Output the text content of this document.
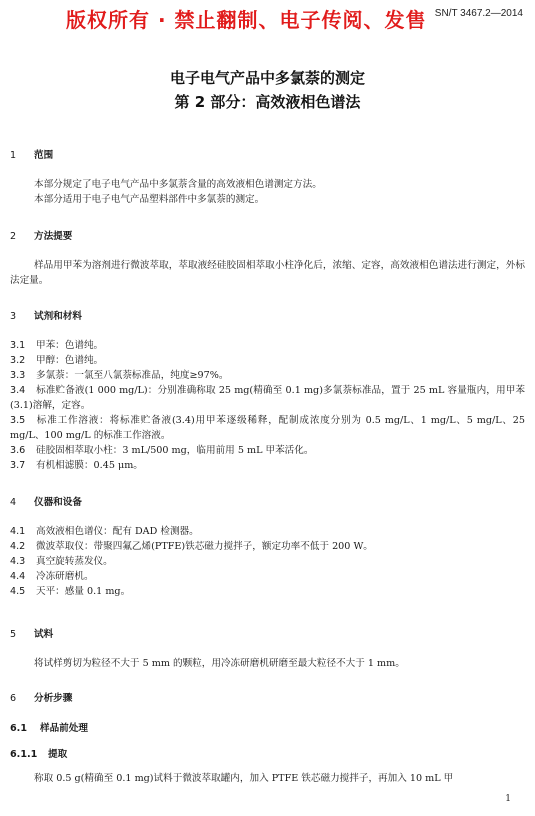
版权所有 · 禁止翻制、电子传阅、发售 SN/T 3467.2—2014
电子电气产品中多氯萘的测定
第 2 部分：高效液相色谱法
1 范围
本部分规定了电子电气产品中多氯萘含量的高效液相色谱测定方法。
本部分适用于电子电气产品塑料部件中多氯萘的测定。
2 方法提要
样品用甲苯为溶剂进行微波萃取，萃取液经硅胶固相萃取小柱净化后，浓缩、定容，高效液相色谱法进行测定，外标法定量。
3 试剂和材料
3.1 甲苯：色谱纯。
3.2 甲醇：色谱纯。
3.3 多氯萘：一氯至八氯萘标准品，纯度≥97%。
3.4 标准贮备液(1 000 mg/L)：分别准确称取 25 mg(精确至 0.1 mg)多氯萘标准品，置于 25 mL 容量瓶内，用甲苯(3.1)溶解，定容。
3.5 标准工作溶液：将标准贮备液(3.4)用甲苯逐级稀释，配制成浓度分别为 0.5 mg/L、1 mg/L、5 mg/L、25 mg/L、100 mg/L 的标准工作溶液。
3.6 硅胶固相萃取小柱：3 mL/500 mg，临用前用 5 mL 甲苯活化。
3.7 有机相滤膜：0.45 μm。
4 仪器和设备
4.1 高效液相色谱仪：配有 DAD 检测器。
4.2 微波萃取仪：带聚四氟乙烯(PTFE)铁芯磁力搅拌子，额定功率不低于 200 W。
4.3 真空旋转蒸发仪。
4.4 冷冻研磨机。
4.5 天平：感量 0.1 mg。
5 试料
将试样剪切为粒径不大于 5 mm 的颗粒，用冷冻研磨机研磨至最大粒径不大于 1 mm。
6 分析步骤
6.1 样品前处理
6.1.1 提取
称取 0.5 g(精确至 0.1 mg)试料于微波萃取罐内，加入 PTFE 铁芯磁力搅拌子，再加入 10 mL 甲
1
